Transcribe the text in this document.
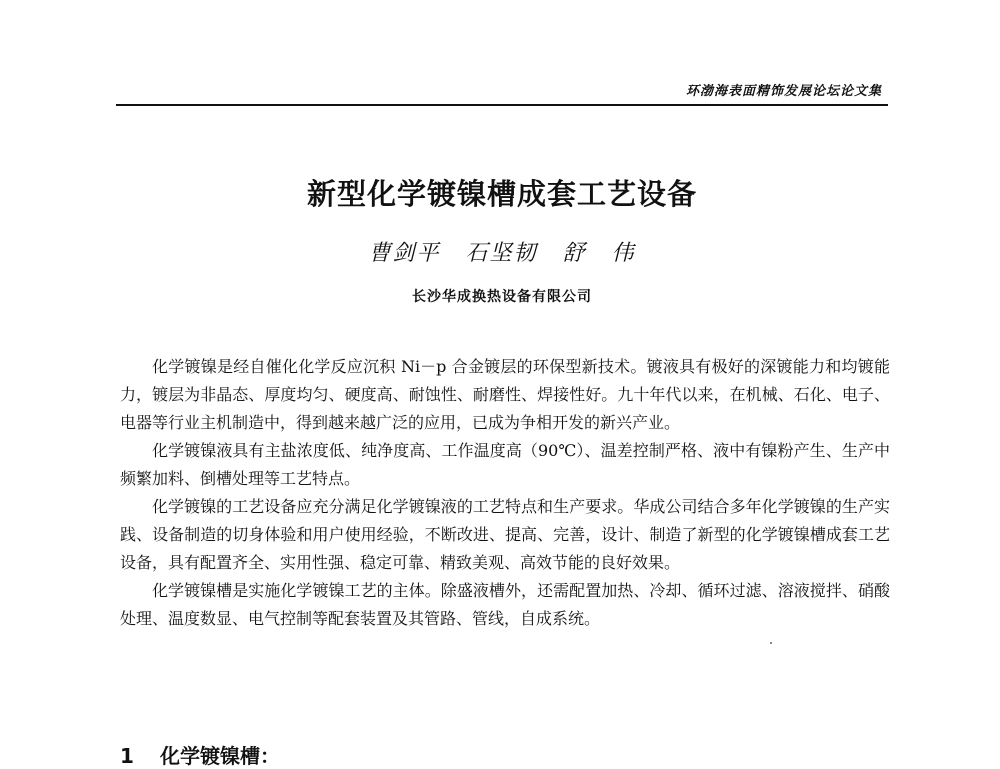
环渤海表面精饰发展论坛论文集
新型化学镀镍槽成套工艺设备
曹剑平 石坚韧 舒 伟
长沙华成换热设备有限公司

化学镀镍是经自催化化学反应沉积 Ni－p 合金镀层的环保型新技术。镀液具有极好的深镀能力和均镀能力，镀层为非晶态、厚度均匀、硬度高、耐蚀性、耐磨性、焊接性好。九十年代以来，在机械、石化、电子、电器等行业主机制造中，得到越来越广泛的应用，已成为争相开发的新兴产业。

化学镀镍液具有主盐浓度低、纯净度高、工作温度高（90℃）、温差控制严格、液中有镍粉产生、生产中频繁加料、倒槽处理等工艺特点。

化学镀镍的工艺设备应充分满足化学镀镍液的工艺特点和生产要求。华成公司结合多年化学镀镍的生产实践、设备制造的切身体验和用户使用经验，不断改进、提高、完善，设计、制造了新型的化学镀镍槽成套工艺设备，具有配置齐全、实用性强、稳定可靠、精致美观、高效节能的良好效果。

化学镀镍槽是实施化学镀镍工艺的主体。除盛液槽外，还需配置加热、冷却、循环过滤、溶液搅拌、硝酸处理、温度数显、电气控制等配套装置及其管路、管线，自成系统。

1 化学镀镍槽：
